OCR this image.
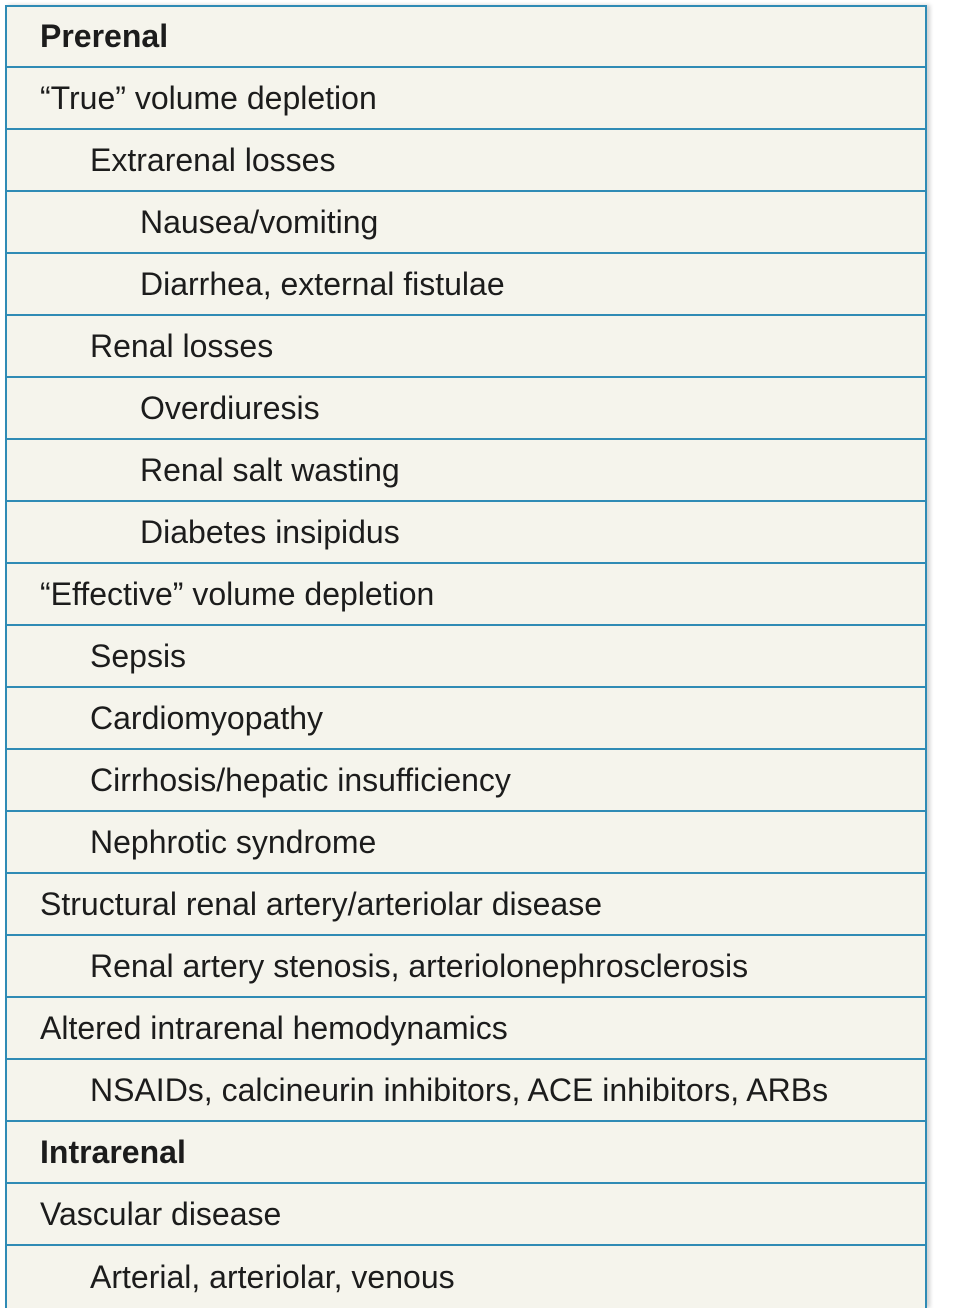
Prerenal
“True” volume depletion
Extrarenal losses
Nausea/vomiting
Diarrhea, external fistulae
Renal losses
Overdiuresis
Renal salt wasting
Diabetes insipidus
“Effective” volume depletion
Sepsis
Cardiomyopathy
Cirrhosis/hepatic insufficiency
Nephrotic syndrome
Structural renal artery/arteriolar disease
Renal artery stenosis, arteriolonephrosclerosis
Altered intrarenal hemodynamics
NSAIDs, calcineurin inhibitors, ACE inhibitors, ARBs
Intrarenal
Vascular disease
Arterial, arteriolar, venous
